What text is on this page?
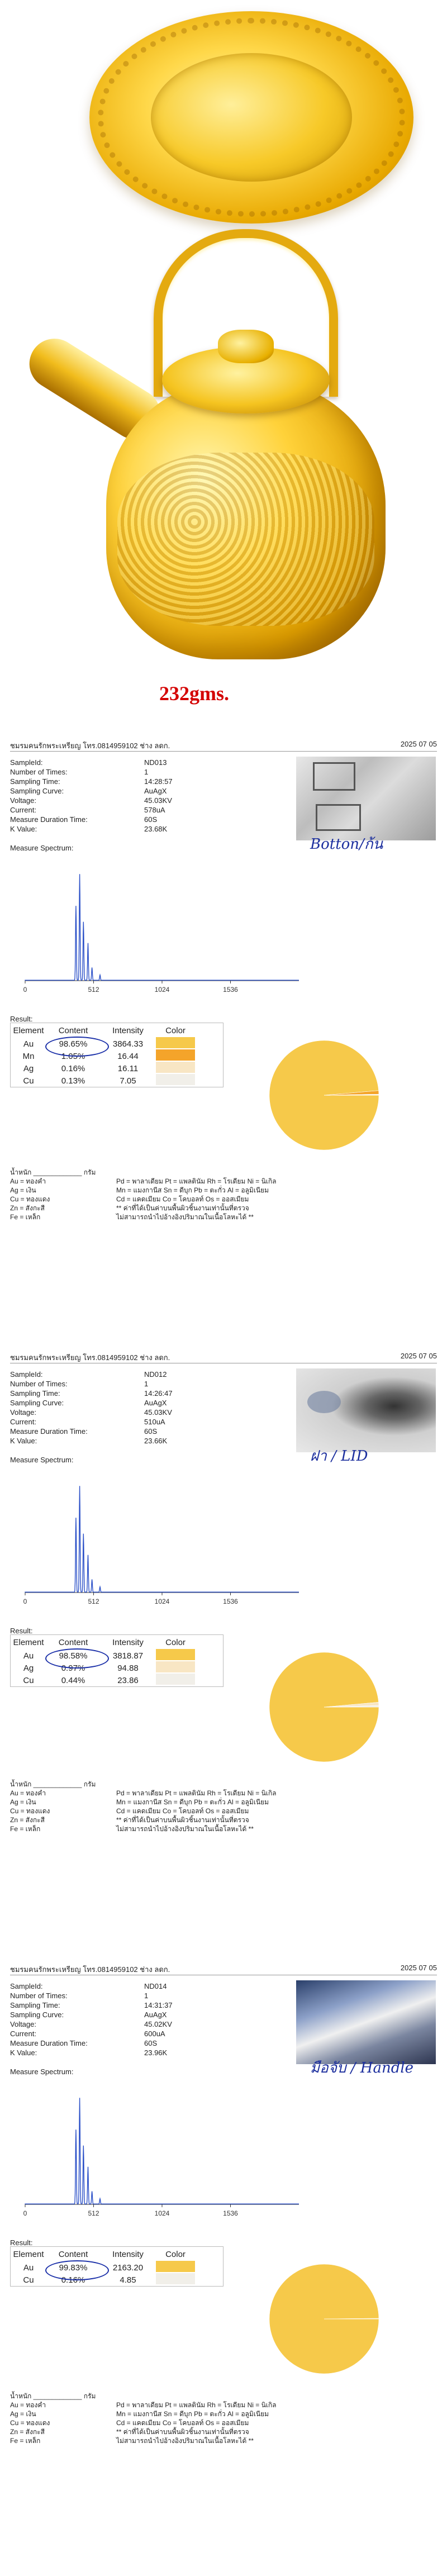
232gms.
ชมรมคนรักพระเหรียญ โทร.0814959102 ช่าง ลดก.	2025 07 05
SampleId:	ND013
Number of Times:	1
Sampling Time:	14:28:57
Sampling Curve:	AuAgX
Voltage:	45.03KV
Current:	578uA
Measure Duration Time:	60S
K Value:	23.68K
Botton/ก้น
Measure Spectrum:
0	512	1024	1536
Result:
Element	Content	Intensity	Color
Au	98.65%	3864.33
Mn	1.05%	16.44
Ag	0.16%	16.11
Cu	0.13%	7.05
น้ำหนัก _____________ กรัม
Au = ทองคำ	Pd = พาลาเดียม Pt = แพลตินัม Rh = โรเดียม Ni = นิเกิล
Ag = เงิน	Mn = แมงกานีส Sn = ดีบุก Pb = ตะกั่ว Al = อลูมิเนียม
Cu = ทองแดง	Cd = แคดเมียม Co = โคบอลท์ Os = ออสเมียม
Zn = สังกะสี	** ค่าที่ได้เป็นค่าบนพื้นผิวชิ้นงานเท่านั้นที่ตรวจ
Fe = เหล็ก	ไม่สามารถนำไปอ้างอิงปริมาณในเนื้อโลหะได้ **
ชมรมคนรักพระเหรียญ โทร.0814959102 ช่าง ลดก.	2025 07 05
SampleId:	ND012
Number of Times:	1
Sampling Time:	14:26:47
Sampling Curve:	AuAgX
Voltage:	45.03KV
Current:	510uA
Measure Duration Time:	60S
K Value:	23.66K
ฝา / LID
Measure Spectrum:
0	512	1024	1536
Result:
Element	Content	Intensity	Color
Au	98.58%	3818.87
Ag	0.97%	94.88
Cu	0.44%	23.86
น้ำหนัก _____________ กรัม
Au = ทองคำ	Pd = พาลาเดียม Pt = แพลตินัม Rh = โรเดียม Ni = นิเกิล
Ag = เงิน	Mn = แมงกานีส Sn = ดีบุก Pb = ตะกั่ว Al = อลูมิเนียม
Cu = ทองแดง	Cd = แคดเมียม Co = โคบอลท์ Os = ออสเมียม
Zn = สังกะสี	** ค่าที่ได้เป็นค่าบนพื้นผิวชิ้นงานเท่านั้นที่ตรวจ
Fe = เหล็ก	ไม่สามารถนำไปอ้างอิงปริมาณในเนื้อโลหะได้ **
ชมรมคนรักพระเหรียญ โทร.0814959102 ช่าง ลดก.	2025 07 05
SampleId:	ND014
Number of Times:	1
Sampling Time:	14:31:37
Sampling Curve:	AuAgX
Voltage:	45.02KV
Current:	600uA
Measure Duration Time:	60S
K Value:	23.96K
มือจับ / Handle
Measure Spectrum:
0	512	1024	1536
Result:
Element	Content	Intensity	Color
Au	99.83%	2163.20
Cu	0.16%	4.85
น้ำหนัก _____________ กรัม
Au = ทองคำ	Pd = พาลาเดียม Pt = แพลตินัม Rh = โรเดียม Ni = นิเกิล
Ag = เงิน	Mn = แมงกานีส Sn = ดีบุก Pb = ตะกั่ว Al = อลูมิเนียม
Cu = ทองแดง	Cd = แคดเมียม Co = โคบอลท์ Os = ออสเมียม
Zn = สังกะสี	** ค่าที่ได้เป็นค่าบนพื้นผิวชิ้นงานเท่านั้นที่ตรวจ
Fe = เหล็ก	ไม่สามารถนำไปอ้างอิงปริมาณในเนื้อโลหะได้ **
